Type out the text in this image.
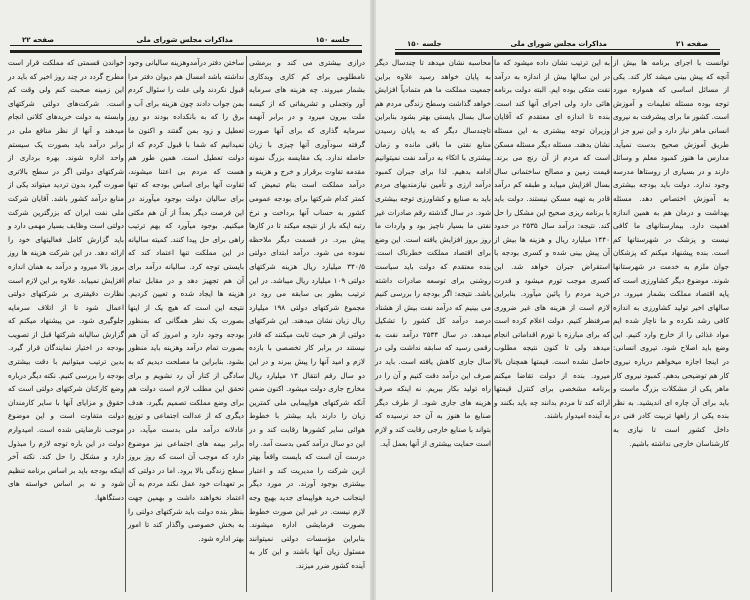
جلسه ۱۵۰
مذاکرات مجلس شورای ملی
صفحه ۲۲

درازی بیشتری می کند و برمشی نامطلوبی برای کم کاری وبدکاری بشمار میروند. چه هزینه های سرمایه آور وتجملی و تشریفاتی که از کیسه ملت بیرون میرود و در برابر آنهمه سرمایه گذاری که برای آنها صورت گرفته سودآوری آنها چیزی با زیان حاصله ندارد. یک مقایسه بزرگ نمونه مقدمه تفاوت برقرار و خرج و هزینه و درآمد مملکت است بنام تبعیض که کمتر کدام شرکتها برای بودجه عمومی کشور به حساب آنها برداخت و نرخ رتبه ایکه بار از نتیجه میکند تا در کارها پیش ببرد. در قسمت دیگر ملاحظه نموده می شود. درآمد ابتدای دولتی ۳۴۰/۵ میلیارد ریال هزینه شرکتهای دولتی ۱۰۹ میلیارد ریال میباشد. در این ترتیب بطور بی سابقه می رود در مجموع شرکتهای دولتی ۱۹۸ میلیارد ریال زیان نشان میدهند. این شرکتهای دولتی از هر حیث ثابت میکنند که قادر نیستند در برابر کار تخصصی با بازده لازم و امید آنها را پیش ببرند و در این دو سال رقم انتقال ۱۴ میلیارد ریال مخارج جاری دولت میشود. اکنون ضمن آنکه شرکتهای هواپیمایی ملی کمترین زیان را دارند باید بیشتر با خطوط هوائی سایر کشورها رقابت کند و در این دو سال درآمد کمی بدست آمد. راه درست آن است که بایست واقعاً بهتر ازین شرکت را مدیریت کند و اعتبار بیشتری بوجود آورند. در مورد دیگر اینجانب خرید هواپیمای جدید بهیچ وجه لازم نیست. در غیر این صورت خطوط بصورت فرمایشی اداره میشوند. بنابراین مؤسسات دولتی نمیتوانند مسئول زیان آنها باشند و این کار به آینده کشور ضرر میزند.

ساختن دفتر درآمدوهزینه سالیانی وجود نداشته باشد امسال هم دیوان دفتر مرا قبول نکردند ولی علت را سئوال کردم بمن جواب دادند چون هزینه برای آب و برق را که به بانکداده بودند دو روز تعطیل و زود بمن گفتند و اکنون ما نمیدانیم که شما با قبول کردم که از دولت تعطیل است. همین طور هم هست که مردم بی اعتنا میشوند، تفاوت آنها برای اساس بودجه که تنها برای سالیان دولت بوجود میآورند در این فرصت دیگر بعداً از آن هم مکثی میکنیم. بوجود میآورد که بهم ترتیب راهی برای حل پیدا کنند. کمیته سالیانه در این مملکت تنها اعتماد کند که بایستی توجه کرد. سالیانه درآمد برای آن هم تجهیز دهد و در مقابل تمام هزینه ها ایجاد شده و تعیین کردیم. نتیجه این است که هیچ یک از اینها بصورت یک نظر همگانی که بمنظور بودجه وجود دارد و امروز که آن هم بصورت تمام درآمد وهزینه باید منظور بشود. بنابراین ما مصلحت دیدیم که به سادگی از کنار آن رد نشویم و برای تحقق این مطلب لازم است دولت هم برای وضع مملکت تصمیم بگیرد. هدف دیگری که از عدالت اجتماعی و توزیع عادلانه درآمد ملی بدست میآید، در برابر بیمه های اجتماعی نیز موضوع دارد که موجب آن است که روز بروز سطح زندگی بالا برود. اما در دولتی که بر تعهدات خود عمل نکند مردم به آن اعتماد نخواهند داشت و بهمین جهت بنظر بنده دولت باید شرکتهای دولتی را به بخش خصوصی واگذار کند تا امور بهتر اداره شود.

خواندن قسمتی که مملکت قرار است مطرح گردد در چند روز اخیر که باید در این زمینه صحبت کنم ولی وقت کم است. شرکت‌های دولتی شرکتهای وابسته به دولت خریدهای کلانی انجام میدهند و آنها از نظر منافع ملی در برابر درآمد باید بصورت یک سیستم واحد اداره شوند. بهره برداری از شرکتهای دولتی اگر در سطح بالاتری صورت گیرد بدون تردید میتواند یکی از منابع درآمد کشور باشد. آقایان شرکت ملی نفت ایران که بزرگترین شرکت دولتی است وظایف بسیار مهمی دارد و باید گزارش کامل فعالیتهای خود را ارائه دهد. در این شرکت هزینه ها روز بروز بالا میرود و درآمد به همان اندازه افزایش نمییابد. علاوه بر این لازم است نظارت دقیقتری بر شرکتهای دولتی اعمال شود تا از اتلاف سرمایه جلوگیری شود. من پیشنهاد میکنم که گزارش سالیانه شرکتها قبل از تصویب بودجه در اختیار نمایندگان قرار گیرد. بدین ترتیب میتوانیم با دقت بیشتری بودجه را بررسی کنیم. نکته دیگر درباره وضع کارکنان شرکتهای دولتی است که حقوق و مزایای آنها با سایر کارمندان دولت متفاوت است و این موضوع موجب نارضایتی شده است. امیدوارم دولت در این باره توجه لازم را مبذول دارد و مشکل را حل کند. نکته آخر اینکه بودجه باید بر اساس برنامه تنظیم شود و نه بر اساس خواسته های دستگاهها.

صفحه ۲۱
مذاکرات مجلس شورای ملی
جلسه ۱۵۰

توانست با اجرای برنامه ها بیش از آنچه که پیش بینی میشد کار کند. یکی از مسائل اساسی که همواره مورد توجه بوده مسئله تعلیمات و آموزش است. کشور ما برای پیشرفت به نیروی انسانی ماهر نیاز دارد و این نیرو جز از طریق آموزش صحیح بدست نمیآید. مدارس ما هنوز کمبود معلم و وسائل دارند و در بسیاری از روستاها مدرسه وجود ندارد. دولت باید بودجه بیشتری به آموزش اختصاص دهد. مسئله بهداشت و درمان هم به همین اندازه اهمیت دارد. بیمارستانهای ما کافی نیست و پزشک در شهرستانها کم است. بنده پیشنهاد میکنم که پزشکان جوان ملزم به خدمت در شهرستانها شوند. موضوع دیگر کشاورزی است که پایه اقتصاد مملکت بشمار میرود. در سالهای اخیر تولید کشاورزی به اندازه کافی رشد نکرده و ما ناچار شده ایم مواد غذائی را از خارج وارد کنیم. این وضع باید اصلاح شود. تیروی انسانی: در اینجا اجازه میخواهم درباره نیروی کار هم توضیحی بدهم. کمبود نیروی کار ماهر یکی از مشکلات بزرگ ماست و باید برای آن چاره ای اندیشید. به نظر بنده یکی از راهها تربیت کادر فنی در داخل کشور است تا نیازی به کارشناسان خارجی نداشته باشیم.

به این ترتیب نشان داده میشود که ما در این سالها بیش از اندازه به درآمد نفت متکی بوده ایم. البته دولت برنامه هائی دارد ولی اجرای آنها کند است. بنده تا اندازه ای معتقدم که آقایان وزیران توجه بیشتری به این مسئله نشان بدهند. مسئله دیگر مسئله مسکن است که مردم از آن رنج می برند. قیمت زمین و مصالح ساختمانی سال بسال افزایش مییابد و طبقه کم درآمد قادر به تهیه مسکن نیستند. دولت باید با برنامه ریزی صحیح این مشکل را حل کند. نتیجه: درآمد سال ۲۵۳۵ در حدود ۱۴۴۰ میلیارد ریال و هزینه ها بیش از آن پیش بینی شده و کسری بودجه با استقراض جبران خواهد شد. این کسری موجب تورم میشود و قدرت خرید مردم را پائین میآورد. بنابراین لازم است از هزینه های غیر ضروری صرفنظر کنیم. دولت اعلام کرده است که برای مبارزه با تورم اقداماتی انجام میدهد ولی تا کنون نتیجه مطلوب حاصل نشده است. قیمتها همچنان بالا میرود. بنده از دولت تقاضا میکنم برنامه مشخصی برای کنترل قیمتها ارائه کند تا مردم بدانند چه باید بکنند و به آینده امیدوار باشند.

محاسبه نشان میدهد تا چندسال دیگر به پایان خواهد رسید علاوه براین جمعیت مملکت ما هم متمادیاً افزایش خواهد گذاشت وسطح زندگی مردم هم سال بسال بایستی بهتر بشود بنابراین تاچندسال دیگر که به پایان رسیدن منابع نفتی ما باقی مانده و زمان بیشتری با اتکاء به درآمد نفت نمیتوانیم ادامه بدهیم. لذا برای جبران کمبود درآمد ارزی و تأمین نیازمندیهای مردم باید به صنایع و کشاورزی توجه بیشتری شود. در سال گذشته رقم صادرات غیر نفتی ما بسیار ناچیز بود و واردات ما روز بروز افزایش یافته است. این وضع برای اقتصاد مملکت خطرناک است. بنده معتقدم که دولت باید سیاست روشنی برای توسعه صادرات داشته باشد. نتیجه: اگر بودجه را بررسی کنیم می بینیم که درآمد نفت بیش از هشتاد درصد درآمد کل کشور را تشکیل میدهد. در سال ۲۵۳۴ درآمد نفت به رقمی رسید که سابقه نداشت ولی در سال جاری کاهش یافته است. باید در صرف این درآمد دقت کنیم و آن را در راه تولید بکار ببریم. نه اینکه صرف هزینه های جاری شود. از طرف دیگر صنایع ما هنوز به آن حد نرسیده که بتواند با صنایع خارجی رقابت کند و لازم است حمایت بیشتری از آنها بعمل آید.
